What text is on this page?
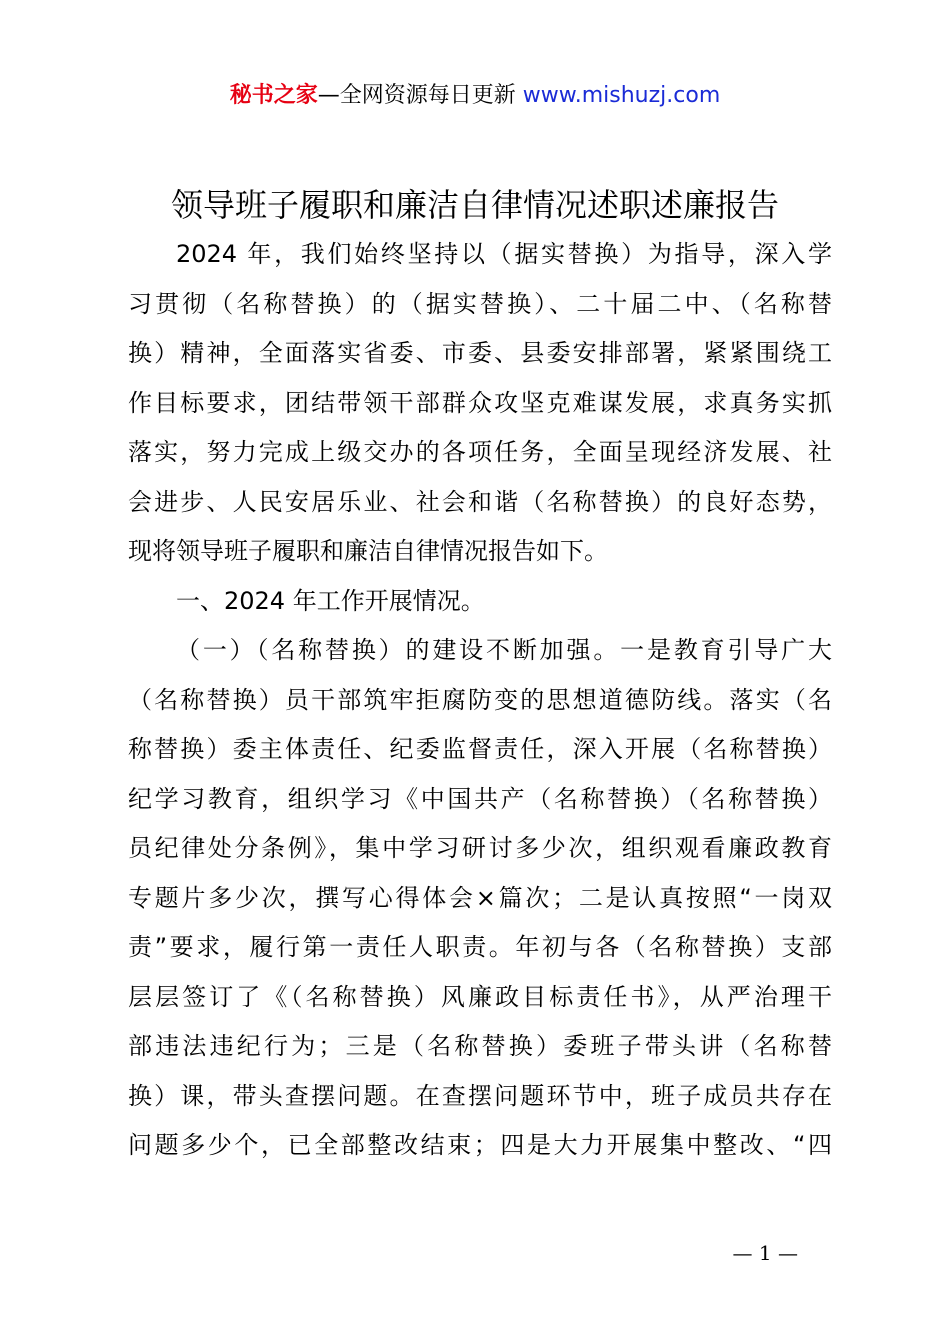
秘书之家—全网资源每日更新 www.mishuzj.com
领导班子履职和廉洁自律情况述职述廉报告
2024 年，我们始终坚持以（据实替换）为指导，深入学
习贯彻（名称替换）的（据实替换）、二十届二中、（名称替
换）精神，全面落实省委、市委、县委安排部署，紧紧围绕工
作目标要求，团结带领干部群众攻坚克难谋发展，求真务实抓
落实，努力完成上级交办的各项任务，全面呈现经济发展、社
会进步、人民安居乐业、社会和谐（名称替换）的良好态势，
现将领导班子履职和廉洁自律情况报告如下。
一、2024 年工作开展情况。
（一）（名称替换）的建设不断加强。一是教育引导广大
（名称替换）员干部筑牢拒腐防变的思想道德防线。落实（名
称替换）委主体责任、纪委监督责任，深入开展（名称替换）
纪学习教育，组织学习《中国共产（名称替换）（名称替换）
员纪律处分条例》，集中学习研讨多少次，组织观看廉政教育
专题片多少次，撰写心得体会×篇次；二是认真按照“一岗双
责”要求，履行第一责任人职责。年初与各（名称替换）支部
层层签订了《（名称替换）风廉政目标责任书》，从严治理干
部违法违纪行为；三是（名称替换）委班子带头讲（名称替
换）课，带头查摆问题。在查摆问题环节中，班子成员共存在
问题多少个，已全部整改结束；四是大力开展集中整改、“四
— 1 —
